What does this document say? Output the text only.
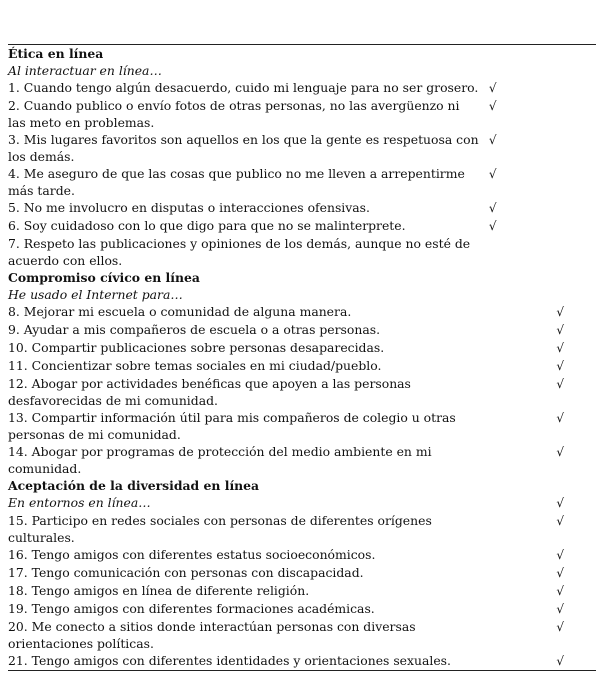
Ética en línea
Al interactuar en línea…
1. Cuando tengo algún desacuerdo, cuido mi lenguaje para no ser grosero. √
2. Cuando publico o envío fotos de otras personas, no las avergüenzo ni las meto en problemas.
√
3. Mis lugares favoritos son aquellos en los que la gente es respetuosa con los demás.
√
4. Me aseguro de que las cosas que publico no me lleven a arrepentirme más tarde.
√
5. No me involucro en disputas o interacciones ofensivas.	√
6. Soy cuidadoso con lo que digo para que no se malinterprete.	√
7. Respeto las publicaciones y opiniones de los demás, aunque no esté de acuerdo con ellos.
Compromiso cívico en línea
He usado el Internet para…
8. Mejorar mi escuela o comunidad de alguna manera.	√
9. Ayudar a mis compañeros de escuela o a otras personas.	√
10. Compartir publicaciones sobre personas desaparecidas.	√
11. Concientizar sobre temas sociales en mi ciudad/pueblo.	√
12. Abogar por actividades benéficas que apoyen a las personas desfavorecidas de mi comunidad.
√
13. Compartir información útil para mis compañeros de colegio u otras personas de mi comunidad.
√
14. Abogar por programas de protección del medio ambiente en mi comunidad.
√
Aceptación de la diversidad en línea
En entornos en línea…	√
15. Participo en redes sociales con personas de diferentes orígenes culturales.
√
16. Tengo amigos con diferentes estatus socioeconómicos.	√
17. Tengo comunicación con personas con discapacidad.	√
18. Tengo amigos en línea de diferente religión.	√
19. Tengo amigos con diferentes formaciones académicas.	√
20. Me conecto a sitios donde interactúan personas con diversas orientaciones políticas.
√
21. Tengo amigos con diferentes identidades y orientaciones sexuales.	√
